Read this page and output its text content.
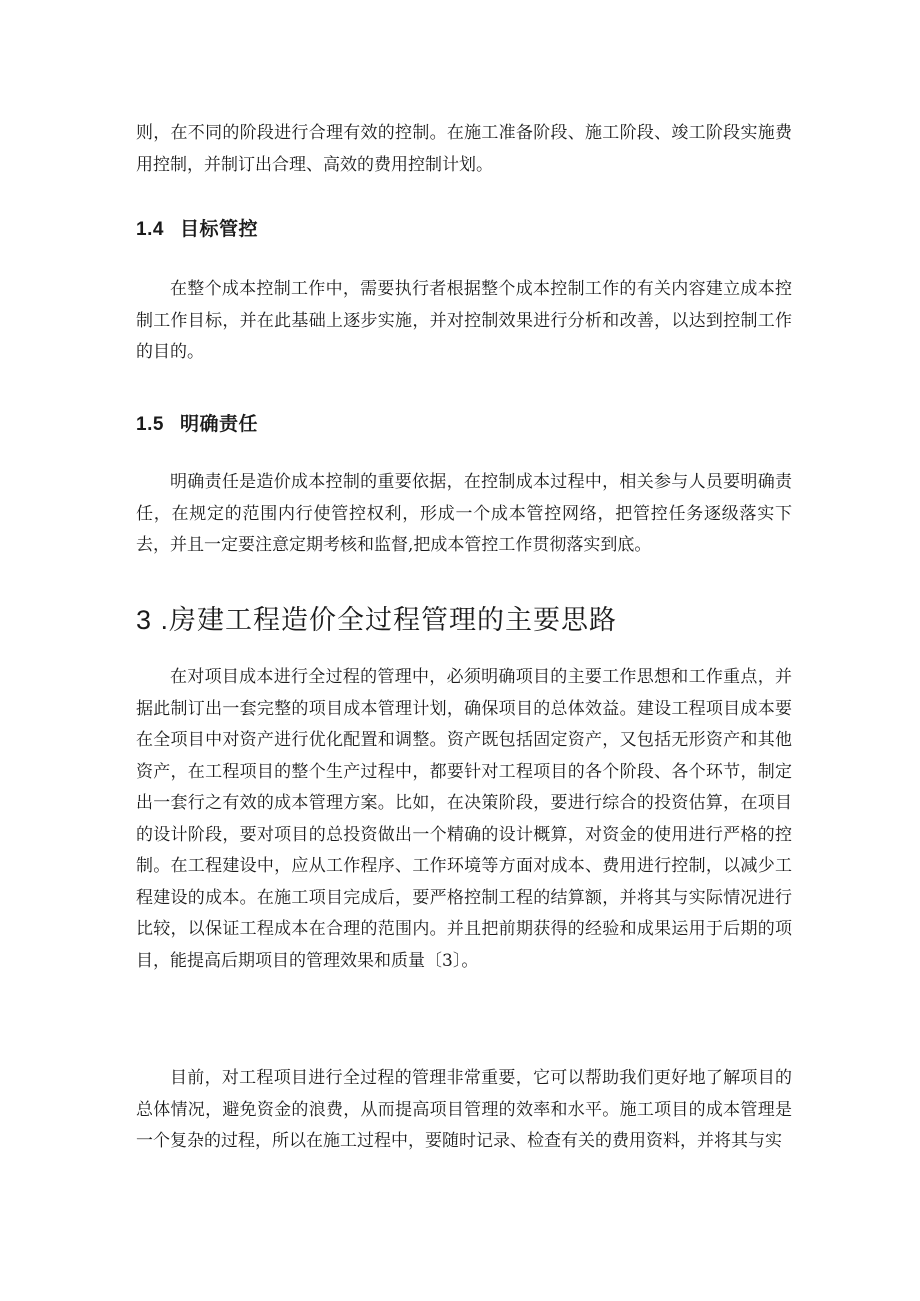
则，在不同的阶段进行合理有效的控制。在施工准备阶段、施工阶段、竣工阶段实施费用控制，并制订出合理、高效的费用控制计划。

1.4 目标管控

在整个成本控制工作中，需要执行者根据整个成本控制工作的有关内容建立成本控制工作目标，并在此基础上逐步实施，并对控制效果进行分析和改善，以达到控制工作的目的。

1.5 明确责任

明确责任是造价成本控制的重要依据，在控制成本过程中，相关参与人员要明确责任，在规定的范围内行使管控权利，形成一个成本管控网络，把管控任务逐级落实下去，并且一定要注意定期考核和监督,把成本管控工作贯彻落实到底。

3 .房建工程造价全过程管理的主要思路

在对项目成本进行全过程的管理中，必须明确项目的主要工作思想和工作重点，并据此制订出一套完整的项目成本管理计划，确保项目的总体效益。建设工程项目成本要在全项目中对资产进行优化配置和调整。资产既包括固定资产，又包括无形资产和其他资产，在工程项目的整个生产过程中，都要针对工程项目的各个阶段、各个环节，制定出一套行之有效的成本管理方案。比如，在决策阶段，要进行综合的投资估算，在项目的设计阶段，要对项目的总投资做出一个精确的设计概算，对资金的使用进行严格的控制。在工程建设中，应从工作程序、工作环境等方面对成本、费用进行控制，以减少工程建设的成本。在施工项目完成后，要严格控制工程的结算额，并将其与实际情况进行比较，以保证工程成本在合理的范围内。并且把前期获得的经验和成果运用于后期的项目，能提高后期项目的管理效果和质量〔3〕。

目前，对工程项目进行全过程的管理非常重要，它可以帮助我们更好地了解项目的总体情况，避免资金的浪费，从而提高项目管理的效率和水平。施工项目的成本管理是一个复杂的过程，所以在施工过程中，要随时记录、检查有关的费用资料，并将其与实
